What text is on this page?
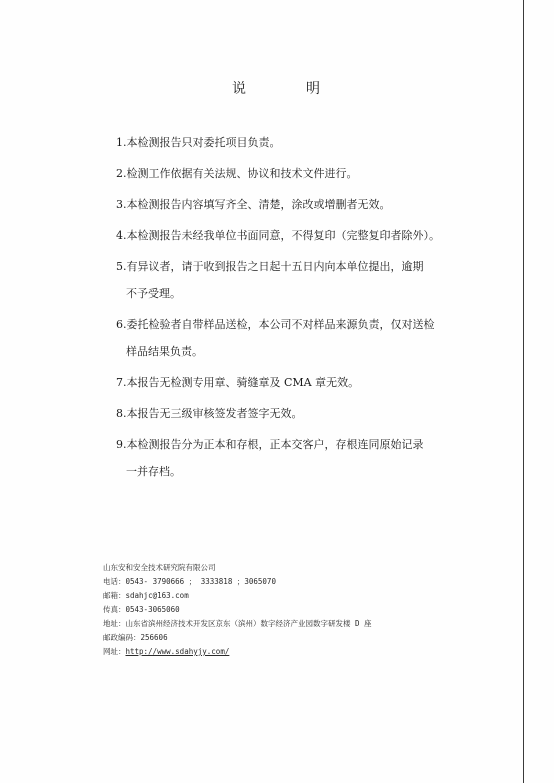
说	明
1.本检测报告只对委托项目负责。
2.检测工作依据有关法规、协议和技术文件进行。
3.本检测报告内容填写齐全、清楚，涂改或增删者无效。
4.本检测报告未经我单位书面同意，不得复印（完整复印者除外）。
5.有异议者，请于收到报告之日起十五日内向本单位提出，逾期
不予受理。
6.委托检验者自带样品送检，本公司不对样品来源负责，仅对送检
样品结果负责。
7.本报告无检测专用章、骑缝章及 CMA 章无效。
8.本报告无三级审核签发者签字无效。
9.本检测报告分为正本和存根，正本交客户，存根连同原始记录
一并存档。
山东安和安全技术研究院有限公司
电话：0543- 3790666 ； 3333818 ；3065070
邮箱：sdahjc@163.com
传真：0543-3065060
地址：山东省滨州经济技术开发区京东（滨州）数字经济产业园数字研发楼 D 座
邮政编码：256606
网址：http://www.sdahyjy.com/
